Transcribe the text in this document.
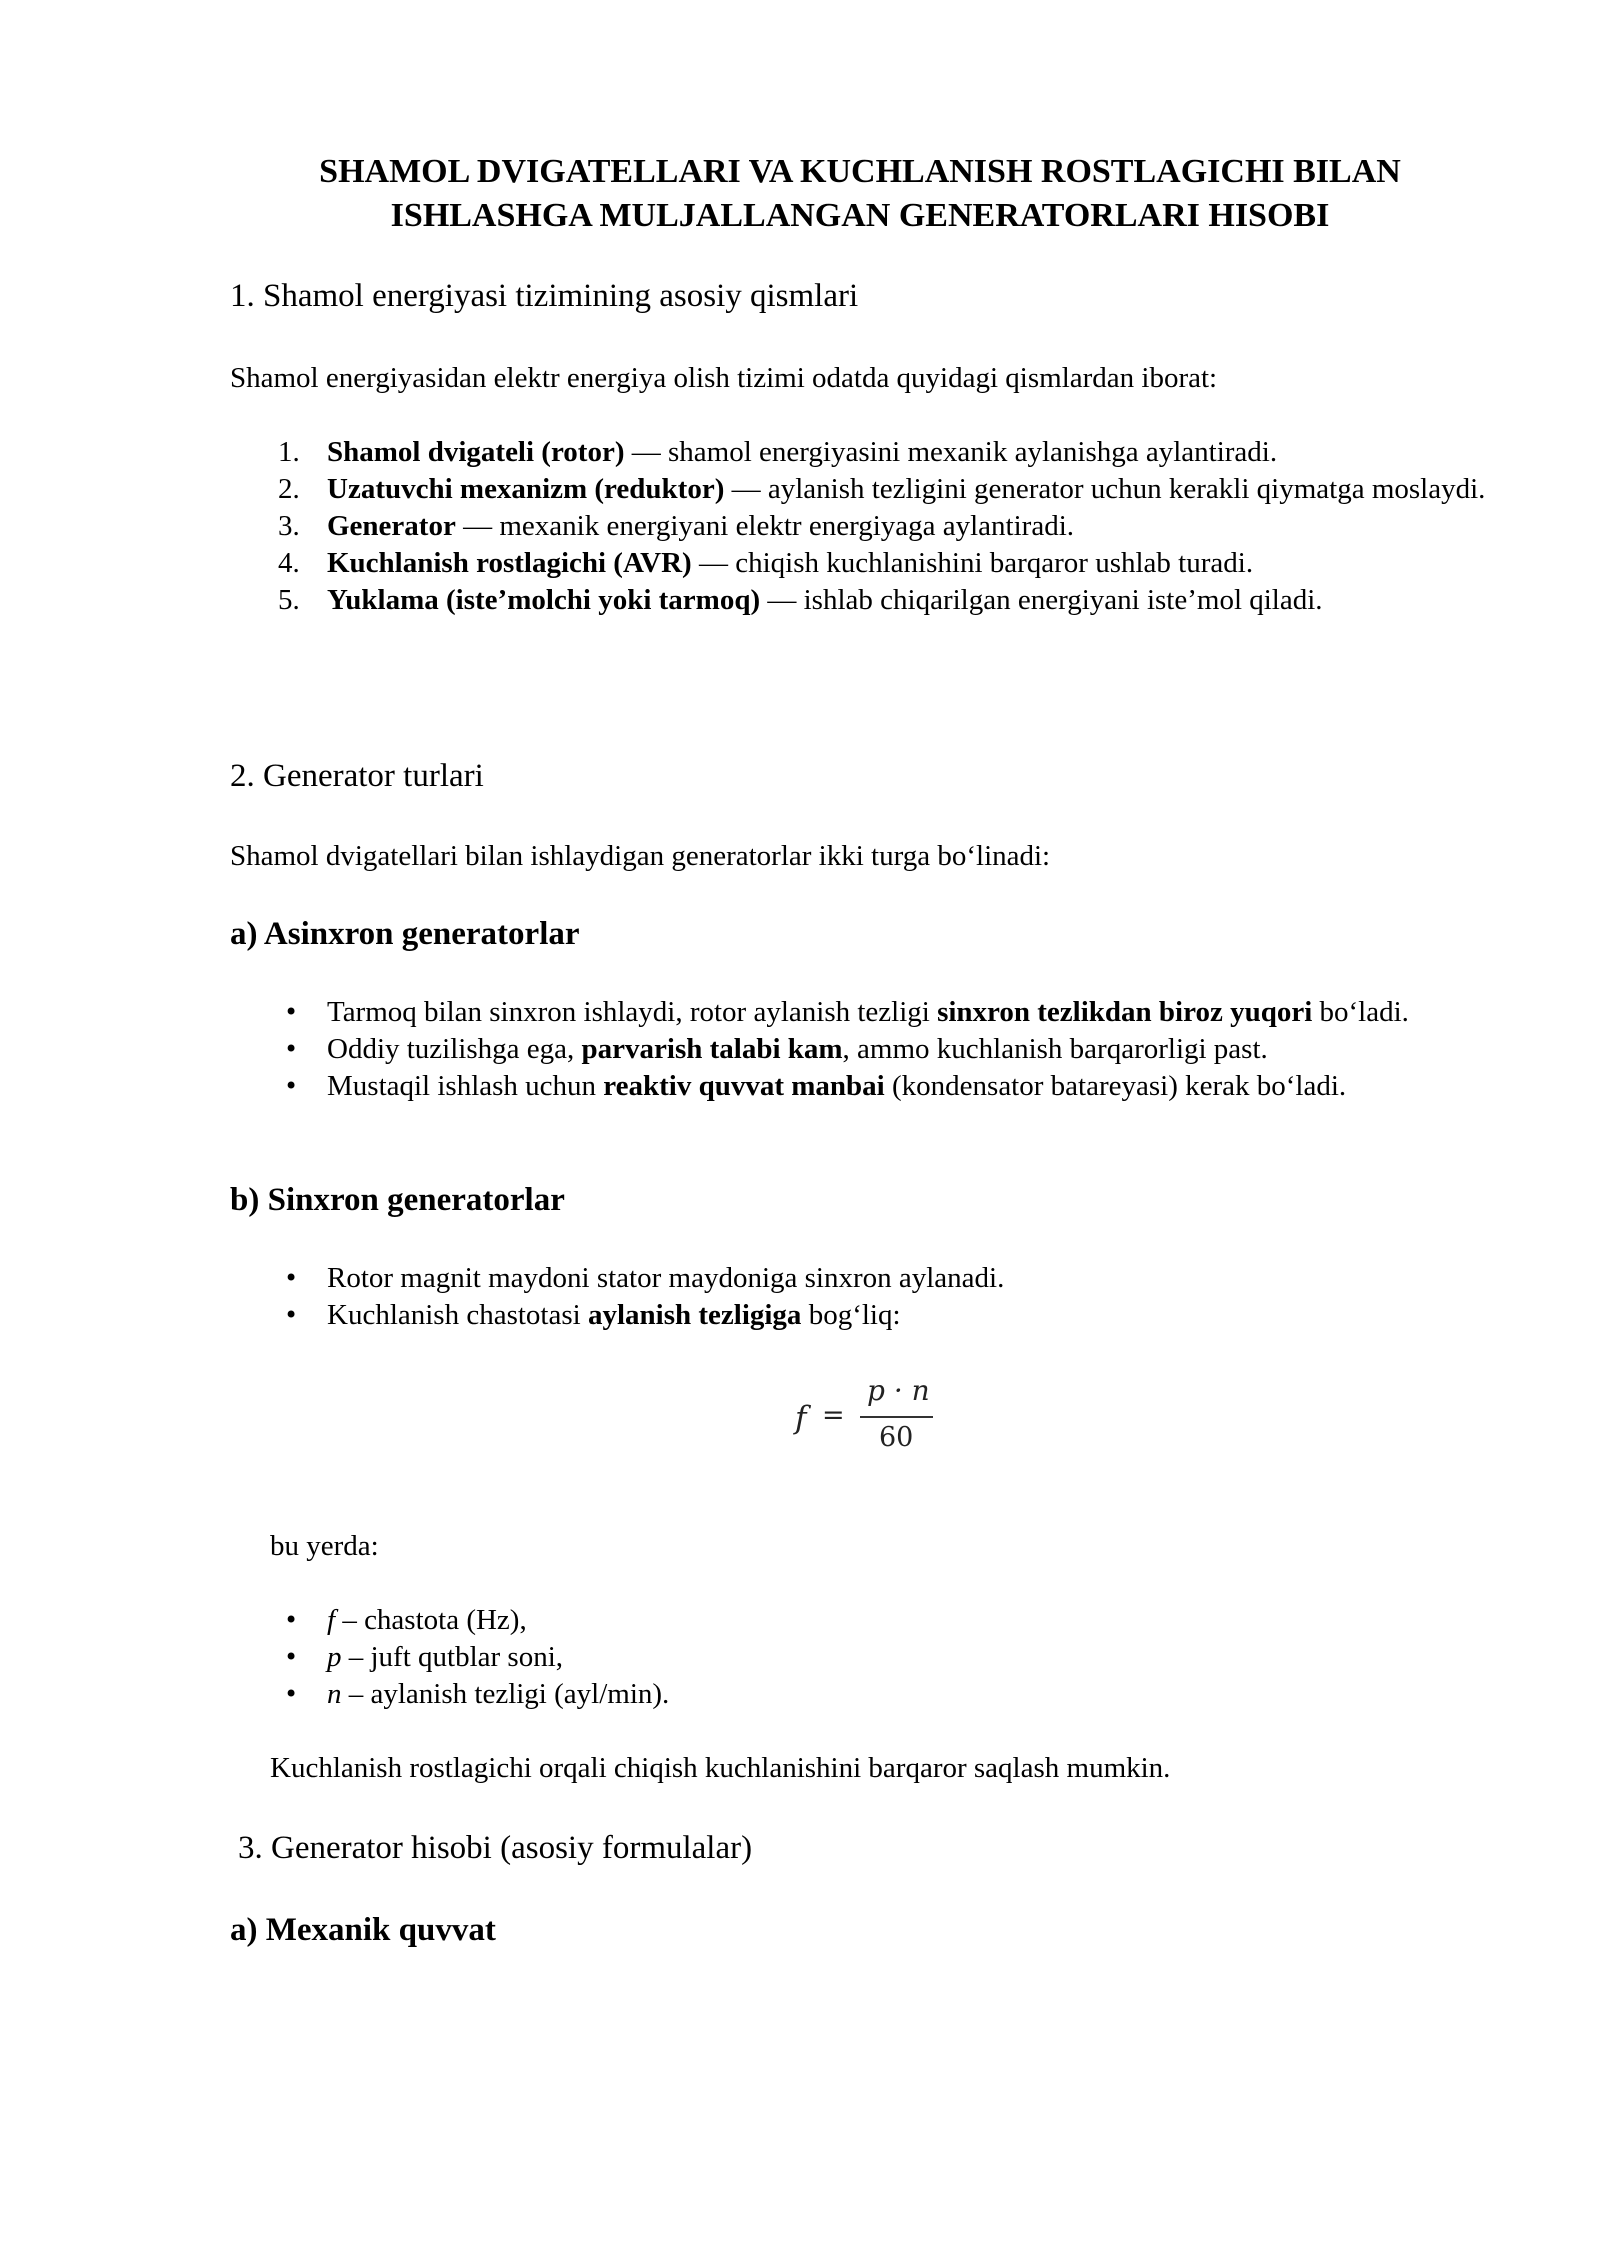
SHAMOL DVIGATELLARI VA KUCHLANISH ROSTLAGICHI BILAN ISHLASHGA MULJALLANGAN GENERATORLARI HISOBI
1. Shamol energiyasi tizimining asosiy qismlari
Shamol energiyasidan elektr energiya olish tizimi odatda quyidagi qismlardan iborat:
1. Shamol dvigateli (rotor) — shamol energiyasini mexanik aylanishga aylantiradi.
2. Uzatuvchi mexanizm (reduktor) — aylanish tezligini generator uchun kerakli qiymatga moslaydi.
3. Generator — mexanik energiyani elektr energiyaga aylantiradi.
4. Kuchlanish rostlagichi (AVR) — chiqish kuchlanishini barqaror ushlab turadi.
5. Yuklama (iste’molchi yoki tarmoq) — ishlab chiqarilgan energiyani iste’mol qiladi.
2. Generator turlari
Shamol dvigatellari bilan ishlaydigan generatorlar ikki turga bo‘linadi:
a) Asinxron generatorlar
• Tarmoq bilan sinxron ishlaydi, rotor aylanish tezligi sinxron tezlikdan biroz yuqori bo‘ladi.
• Oddiy tuzilishga ega, parvarish talabi kam, ammo kuchlanish barqarorligi past.
• Mustaqil ishlash uchun reaktiv quvvat manbai (kondensator batareyasi) kerak bo‘ladi.
b) Sinxron generatorlar
• Rotor magnit maydoni stator maydoniga sinxron aylanadi.
• Kuchlanish chastotasi aylanish tezligiga bog‘liq:
f =
p · n
60
bu yerda:
• f – chastota (Hz),
• p – juft qutblar soni,
• n – aylanish tezligi (ayl/min).
Kuchlanish rostlagichi orqali chiqish kuchlanishini barqaror saqlash mumkin.
3. Generator hisobi (asosiy formulalar)
a) Mexanik quvvat
